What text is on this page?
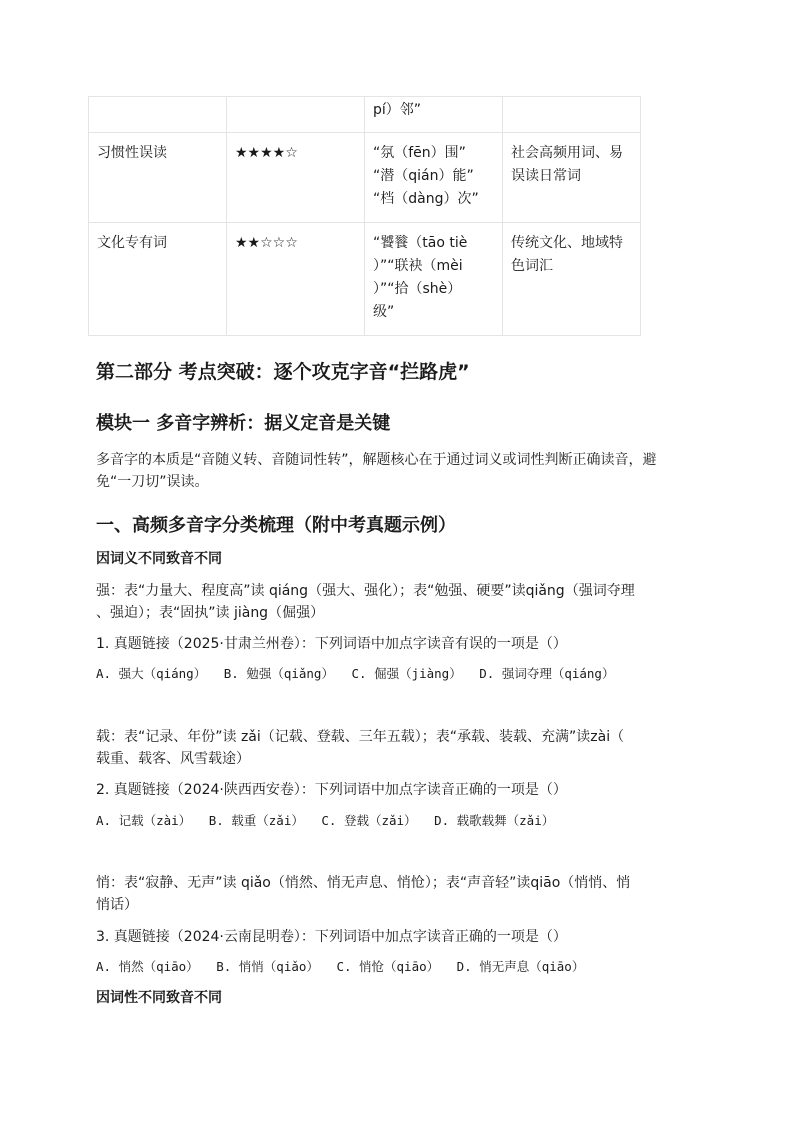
		pí）邻”	

习惯性误读	★★★★☆	“氛（fēn）围”
“潜（qián）能”
“档（dàng）次”	社会高频用词、易
误读日常词

文化专有词	★★☆☆☆	“饕餮（tāo tiè
）”“联袂（mèi
）”“拾（shè）
级”	传统文化、地域特
色词汇
第二部分 考点突破：逐个攻克字音“拦路虎”
模块一 多音字辨析：据义定音是关键
多音字的本质是“音随义转、音随词性转”，解题核心在于通过词义或词性判断正确读音，避
免“一刀切”误读。
一、高频多音字分类梳理（附中考真题示例）
因词义不同致音不同
强：表“力量大、程度高”读 qiáng（强大、强化）；表“勉强、硬要”读qiǎng（强词夺理
、强迫）；表“固执”读 jiàng（倔强）
1. 真题链接（2025·甘肃兰州卷）：下列词语中加点字读音有误的一项是（）
A. 强大（qiáng） B. 勉强（qiǎng） C. 倔强（jiàng） D. 强词夺理（qiáng）
载：表“记录、年份”读 zǎi（记载、登载、三年五载）；表“承载、装载、充满”读zài（
载重、载客、风雪载途）
2. 真题链接（2024·陕西西安卷）：下列词语中加点字读音正确的一项是（）
A. 记载（zài） B. 载重（zǎi） C. 登载（zǎi） D. 载歌载舞（zǎi）
悄：表“寂静、无声”读 qiǎo（悄然、悄无声息、悄怆）；表“声音轻”读qiāo（悄悄、悄
悄话）
3. 真题链接（2024·云南昆明卷）：下列词语中加点字读音正确的一项是（）
A. 悄然（qiāo） B. 悄悄（qiǎo） C. 悄怆（qiāo） D. 悄无声息（qiāo）
因词性不同致音不同
